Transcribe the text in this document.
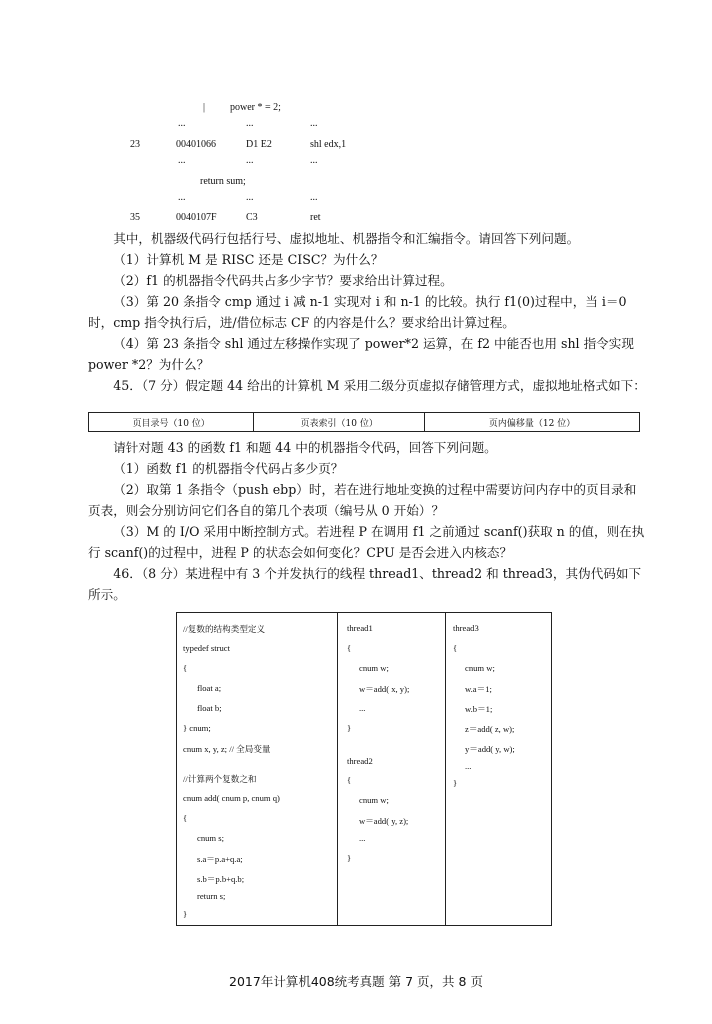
| power * = 2;
...	...	...
23	00401066	D1 E2	shl edx,1
...	...	...
return sum;
...	...	...
35	0040107F	C3	ret
其中，机器级代码行包括行号、虚拟地址、机器指令和汇编指令。请回答下列问题。
（1）计算机 M 是 RISC 还是 CISC？为什么？
（2）f1 的机器指令代码共占多少字节？要求给出计算过程。
（3）第 20 条指令 cmp 通过 i 减 n-1 实现对 i 和 n-1 的比较。执行 f1(0)过程中，当 i＝0 时，cmp 指令执行后，进/借位标志 CF 的内容是什么？要求给出计算过程。
（4）第 23 条指令 shl 通过左移操作实现了 power*2 运算，在 f2 中能否也用 shl 指令实现 power *2？为什么？
45．（7 分）假定题 44 给出的计算机 M 采用二级分页虚拟存储管理方式，虚拟地址格式如下：
页目录号（10 位）	页表索引（10 位）	页内偏移量（12 位）
请针对题 43 的函数 f1 和题 44 中的机器指令代码，回答下列问题。
（1）函数 f1 的机器指令代码占多少页？
（2）取第 1 条指令（push ebp）时，若在进行地址变换的过程中需要访问内存中的页目录和页表，则会分别访问它们各自的第几个表项（编号从 0 开始）？
（3）M 的 I/O 采用中断控制方式。若进程 P 在调用 f1 之前通过 scanf()获取 n 的值，则在执行 scanf()的过程中，进程 P 的状态会如何变化？CPU 是否会进入内核态？
46．（8 分）某进程中有 3 个并发执行的线程 thread1、thread2 和 thread3，其伪代码如下所示。
//复数的结构类型定义
typedef struct
{
float a;
float b;
} cnum;
cnum x, y, z; // 全局变量
//计算两个复数之和
cnum add( cnum p, cnum q)
{
cnum s;
s.a＝p.a+q.a;
s.b＝p.b+q.b;
return s;
}
thread1
{
cnum w;
w＝add( x, y);
...
}
thread2
{
cnum w;
w＝add( y, z);
...
}
thread3
{
cnum w;
w.a＝1;
w.b＝1;
z＝add( z, w);
y＝add( y, w);
...
}
2017年计算机408统考真题 第 7 页，共 8 页
